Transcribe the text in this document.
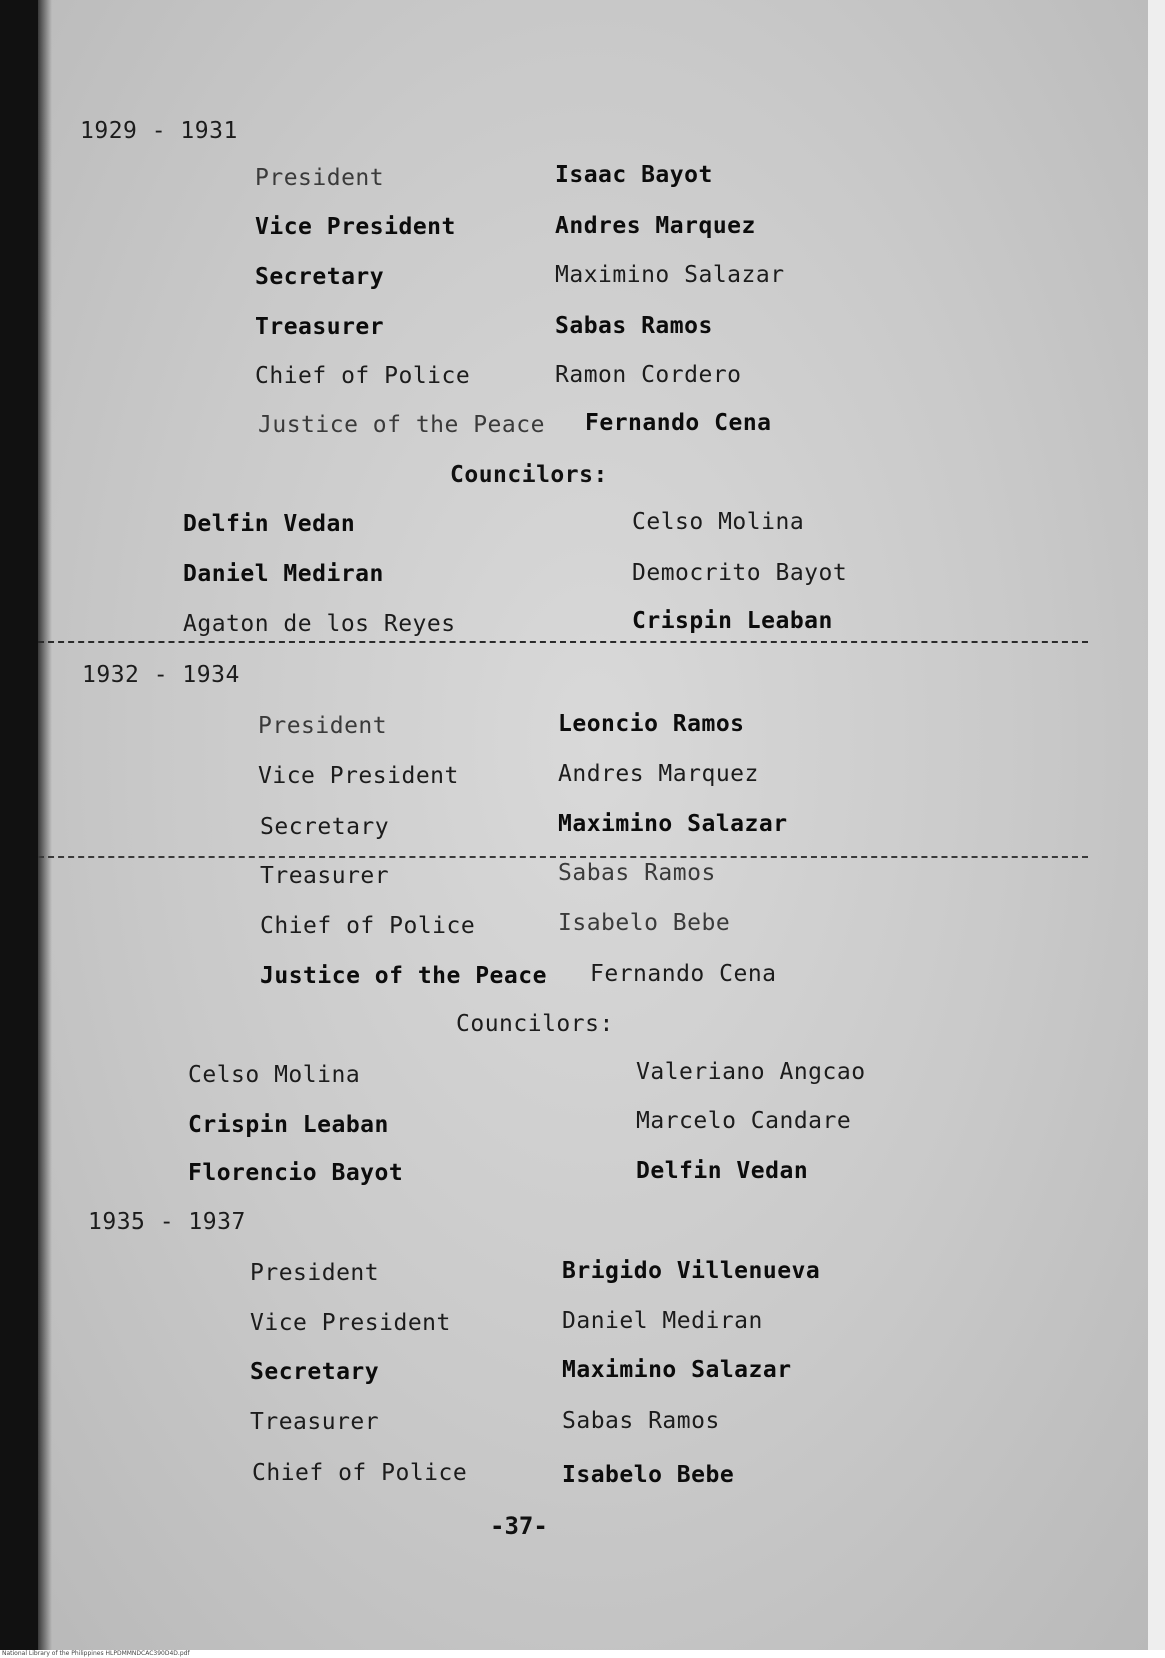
1929 - 1931
President	Isaac Bayot
Vice President	Andres Marquez
Secretary	Maximino Salazar
Treasurer	Sabas Ramos
Chief of Police	Ramon Cordero
Justice of the Peace Fernando Cena
Councilors:
Delfin Vedan	Celso Molina
Daniel Mediran	Democrito Bayot
Agaton de los Reyes	Crispin Leaban
1932 - 1934
President	Leoncio Ramos
Vice President	Andres Marquez
Secretary	Maximino Salazar
Treasurer	Sabas Ramos
Chief of Police	Isabelo Bebe
Justice of the Peace Fernando Cena
Councilors:
Celso Molina	Valeriano Angcao
Crispin Leaban	Marcelo Candare
Florencio Bayot	Delfin Vedan
1935 - 1937
President	Brigido Villenueva
Vice President	Daniel Mediran
Secretary	Maximino Salazar
Treasurer	Sabas Ramos
Chief of Police	Isabelo Bebe
-37-
National Library of the Philippines HLPDMMNDCAC390D4D.pdf
